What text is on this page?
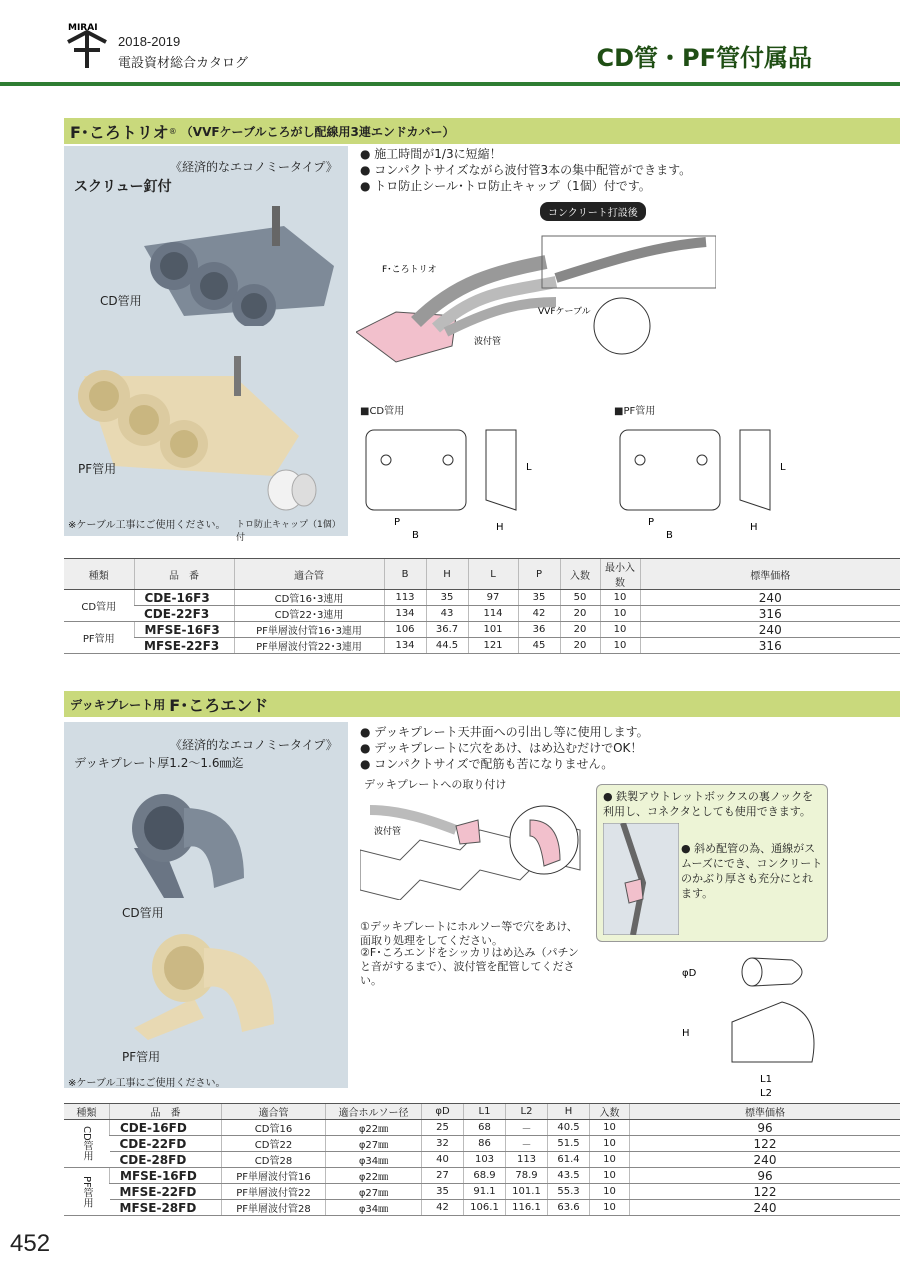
MIRAI
2018-2019
電設資材総合カタログ	CD管・PF管付属品
F･ころトリオ ® （VVFケーブルころがし配線用3連エンドカバー）
《経済的なエコノミータイプ》
スクリュー釘付
CD管用
PF管用
※ケーブル工事にご使用ください。 トロ防止キャップ（1個）付
● 施工時間が1/3に短縮！
● コンパクトサイズながら波付管3本の集中配管ができます。
● トロ防止シール･トロ防止キャップ（1個）付です。
コンクリート打設後
F･ころトリオ
波付管
VVFケーブル
■CD管用	■PF管用
P
B
H
L
P
B
H
L
種類	品　番	適合管	B	H	L	P	入数	最小入数	標準価格
CD管用	CDE-16F3	CD管16･3連用	113	35	97	35	50	10	240
	CDE-22F3	CD管22･3連用	134	43	114	42	20	10	316
PF管用	MFSE-16F3	PF単層波付管16･3連用	106	36.7	101	36	20	10	240
	MFSE-22F3	PF単層波付管22･3連用	134	44.5	121	45	20	10	316
デッキプレート用 F･ころエンド
《経済的なエコノミータイプ》
デッキプレート厚1.2～1.6㎜迄
CD管用
PF管用
※ケーブル工事にご使用ください。
● デッキプレート天井面への引出し等に使用します。
● デッキプレートに穴をあけ、はめ込むだけでOK！
● コンパクトサイズで配筋も苦になりません。
デッキプレートへの取り付け
波付管
①デッキプレートにホルソー等で穴をあけ、面取り処理をしてください。
②F･ころエンドをシッカリはめ込み（パチンと音がするまで）、波付管を配管してください。
● 鉄製アウトレットボックスの裏ノックを利用し、コネクタとしても使用できます。
● 斜め配管の為、通線がスムーズにでき、コンクリートのかぶり厚さも充分にとれます。
φD
H
L1
L2
種類	品　番	適合管	適合ホルソー径	φD	L1	L2	H	入数	標準価格
CD管用	CDE-16FD	CD管16	φ22㎜	25	68	－	40.5	10	96
	CDE-22FD	CD管22	φ27㎜	32	86	－	51.5	10	122
	CDE-28FD	CD管28	φ34㎜	40	103	113	61.4	10	240
PF管用	MFSE-16FD	PF単層波付管16	φ22㎜	27	68.9	78.9	43.5	10	96
	MFSE-22FD	PF単層波付管22	φ27㎜	35	91.1	101.1	55.3	10	122
	MFSE-28FD	PF単層波付管28	φ34㎜	42	106.1	116.1	63.6	10	240
452
